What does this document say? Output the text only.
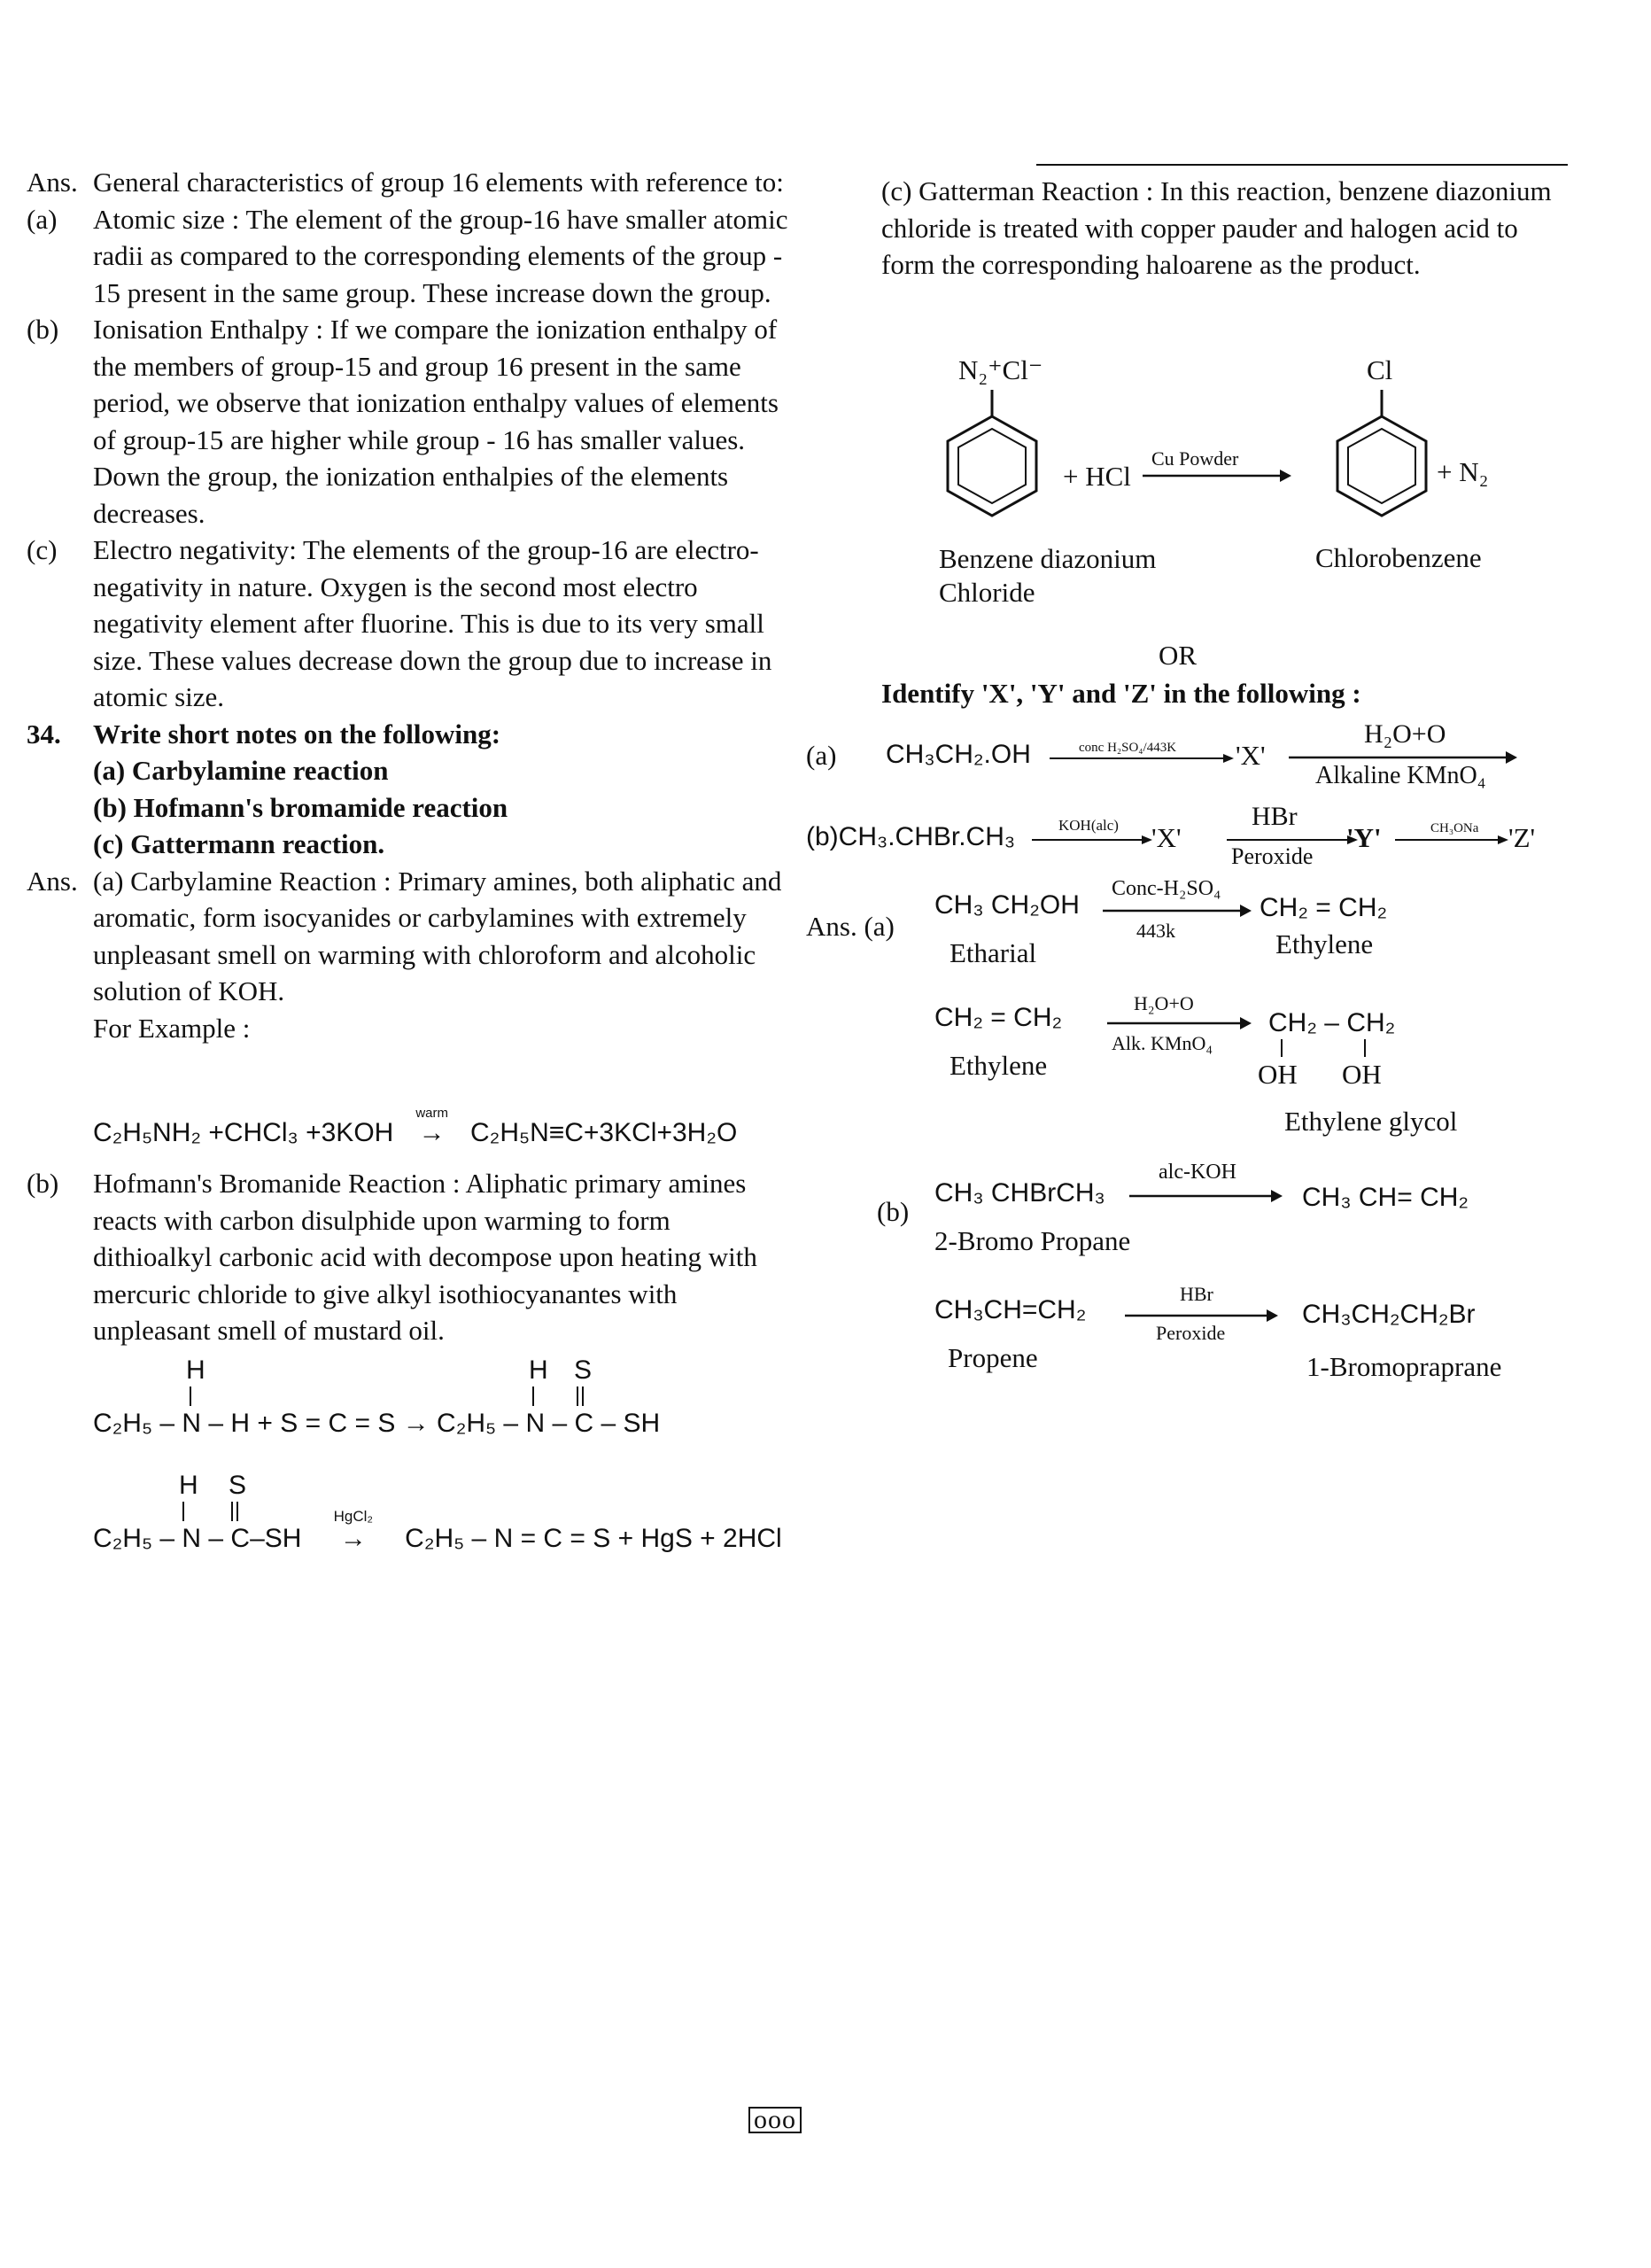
Ans. General characteristics of group 16 elements with reference to:

(a) Atomic size : The element of the group-16 have smaller atomic radii as compared to the corresponding elements of the group - 15 present in the same group. These increase down the group.

(b) Ionisation Enthalpy : If we compare the ionization enthalpy of the members of group-15 and group 16 present in the same period, we observe that ionization enthalpy values of elements of group-15 are higher while group - 16 has smaller values. Down the group, the ionization enthalpies of the elements decreases.

(c) Electro negativity: The elements of the group-16 are electro-negativity in nature. Oxygen is the second most electro negativity element after fluorine. This is due to its very small size. These values decrease down the group due to increase in atomic size.

34. Write short notes on the following:

(a) Carbylamine reaction
(b) Hofmann's bromamide reaction
(c) Gattermann reaction.

Ans. (a) Carbylamine Reaction : Primary amines, both aliphatic and aromatic, form isocyanides or carbylamines with extremely unpleasant smell on warming with chloroform and alcoholic solution of KOH.
For Example :

C₂H₅NH₂ +CHCl₃ +3KOH
warm
→ C₂H₅N≡C+3KCl+3H₂O

(b) Hofmann's Bromanide Reaction : Aliphatic primary amines reacts with carbon disulphide upon warming to form dithioalkyl carbonic acid with decompose upon heating with mercuric chloride to give alkyl isothiocyanantes with unpleasant smell of mustard oil.

H	H S
C₂H₅ – N – H + S = C = S → C₂H₅ – N – C – SH
H S
C₂H₅ – N – C–SH
HgCl₂
→ C₂H₅ – N = C = S + HgS + 2HCl
ooo
(c) Gatterman Reaction : In this reaction, benzene diazonium chloride is treated with copper pauder and halogen acid to form the corresponding haloarene as the product.
N₂⁺Cl⁻
+ HCl
Cu Powder
Cl
+ N₂
Benzene diazonium
Chloride
Chlorobenzene
OR
Identify 'X', 'Y' and 'Z' in the following :
(a) CH₃CH₂.OH	conc H₂SO₄/443K 'X'
H₂O+O
Alkaline KMnO₄
(b)CH₃.CHBr.CH₃	KOH(alc) 'X'
HBr
Peroxide
'Y'	CH₃ONa 'Z'
Ans. (a)
CH₃ CH₂OH
Conc-H₂SO₄
443k
CH₂ = CH₂
Etharial	Ethylene
CH₂ = CH₂	H₂O+O
Alk. KMnO₄
CH₂ – CH₂
OH OH
Ethylene
Ethylene glycol
(b)
CH₃ CHBrCH₃
alc-KOH
CH₃ CH= CH₂
2-Bromo Propane
CH₃CH=CH₂
HBr
Peroxide
CH₃CH₂CH₂Br
Propene	1-Bromopraprane
